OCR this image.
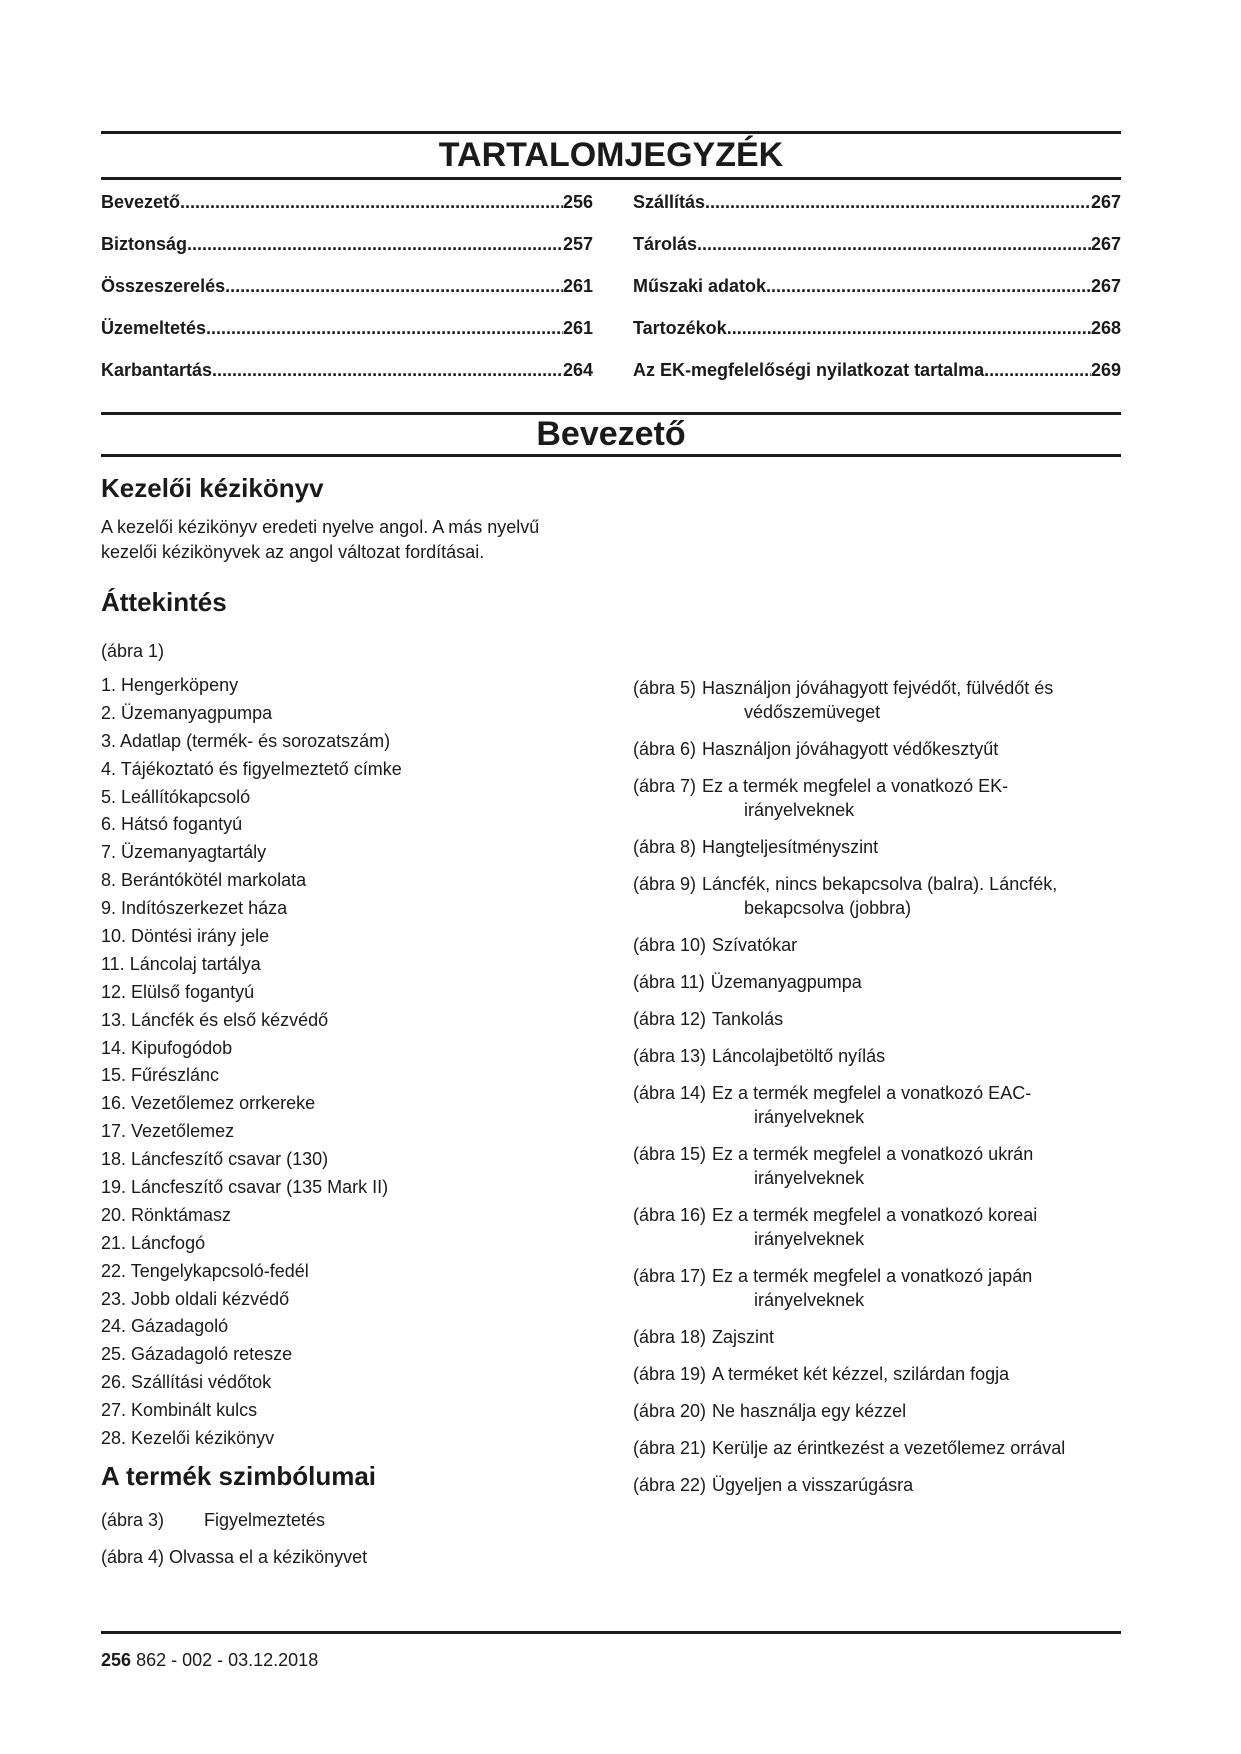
TARTALOMJEGYZÉK
Bevezető .....	256
Biztonság .....	257
Összeszerelés .....	261
Üzemeltetés .....	261
Karbantartás .....	264
Szállítás .....	267
Tárolás .....	267
Műszaki adatok .....	267
Tartozékok .....	268
Az EK-megfelelőségi nyilatkozat tartalma .....	269
Bevezető
Kezelői kézikönyv

A kezelői kézikönyv eredeti nyelve angol. A más nyelvű
kezelői kézikönyvek az angol változat fordításai.

Áttekintés

(ábra 1)

1. Hengerköpeny
2. Üzemanyagpumpa
3. Adatlap (termék- és sorozatszám)
4. Tájékoztató és figyelmeztető címke
5. Leállítókapcsoló
6. Hátsó fogantyú
7. Üzemanyagtartály
8. Berántókötél markolata
9. Indítószerkezet háza
10. Döntési irány jele
11. Láncolaj tartálya
12. Elülső fogantyú
13. Láncfék és első kézvédő
14. Kipufogódob
15. Fűrészlánc
16. Vezetőlemez orrkereke
17. Vezetőlemez
18. Láncfeszítő csavar (130)
19. Láncfeszítő csavar (135 Mark II)
20. Rönktámasz
21. Láncfogó
22. Tengelykapcsoló-fedél
23. Jobb oldali kézvédő
24. Gázadagoló
25. Gázadagoló retesze
26. Szállítási védőtok
27. Kombinált kulcs
28. Kezelői kézikönyv
A termék szimbólumai

(ábra 3) Figyelmeztetés

(ábra 4) Olvassa el a kézikönyvet

(ábra 5) Használjon jóváhagyott fejvédőt, fülvédőt és
védőszemüveget
(ábra 6) Használjon jóváhagyott védőkesztyűt
(ábra 7) Ez a termék megfelel a vonatkozó EK-
irányelveknek
(ábra 8) Hangteljesítményszint
(ábra 9) Láncfék, nincs bekapcsolva (balra). Láncfék,
bekapcsolva (jobbra)
(ábra 10) Szívatókar
(ábra 11) Üzemanyagpumpa
(ábra 12) Tankolás
(ábra 13) Láncolajbetöltő nyílás
(ábra 14) Ez a termék megfelel a vonatkozó EAC-
irányelveknek
(ábra 15) Ez a termék megfelel a vonatkozó ukrán
irányelveknek
(ábra 16) Ez a termék megfelel a vonatkozó koreai
irányelveknek
(ábra 17) Ez a termék megfelel a vonatkozó japán
irányelveknek
(ábra 18) Zajszint
(ábra 19) A terméket két kézzel, szilárdan fogja
(ábra 20) Ne használja egy kézzel
(ábra 21) Kerülje az érintkezést a vezetőlemez orrával
(ábra 22) Ügyeljen a visszarúgásra
256 862 - 002 - 03.12.2018
